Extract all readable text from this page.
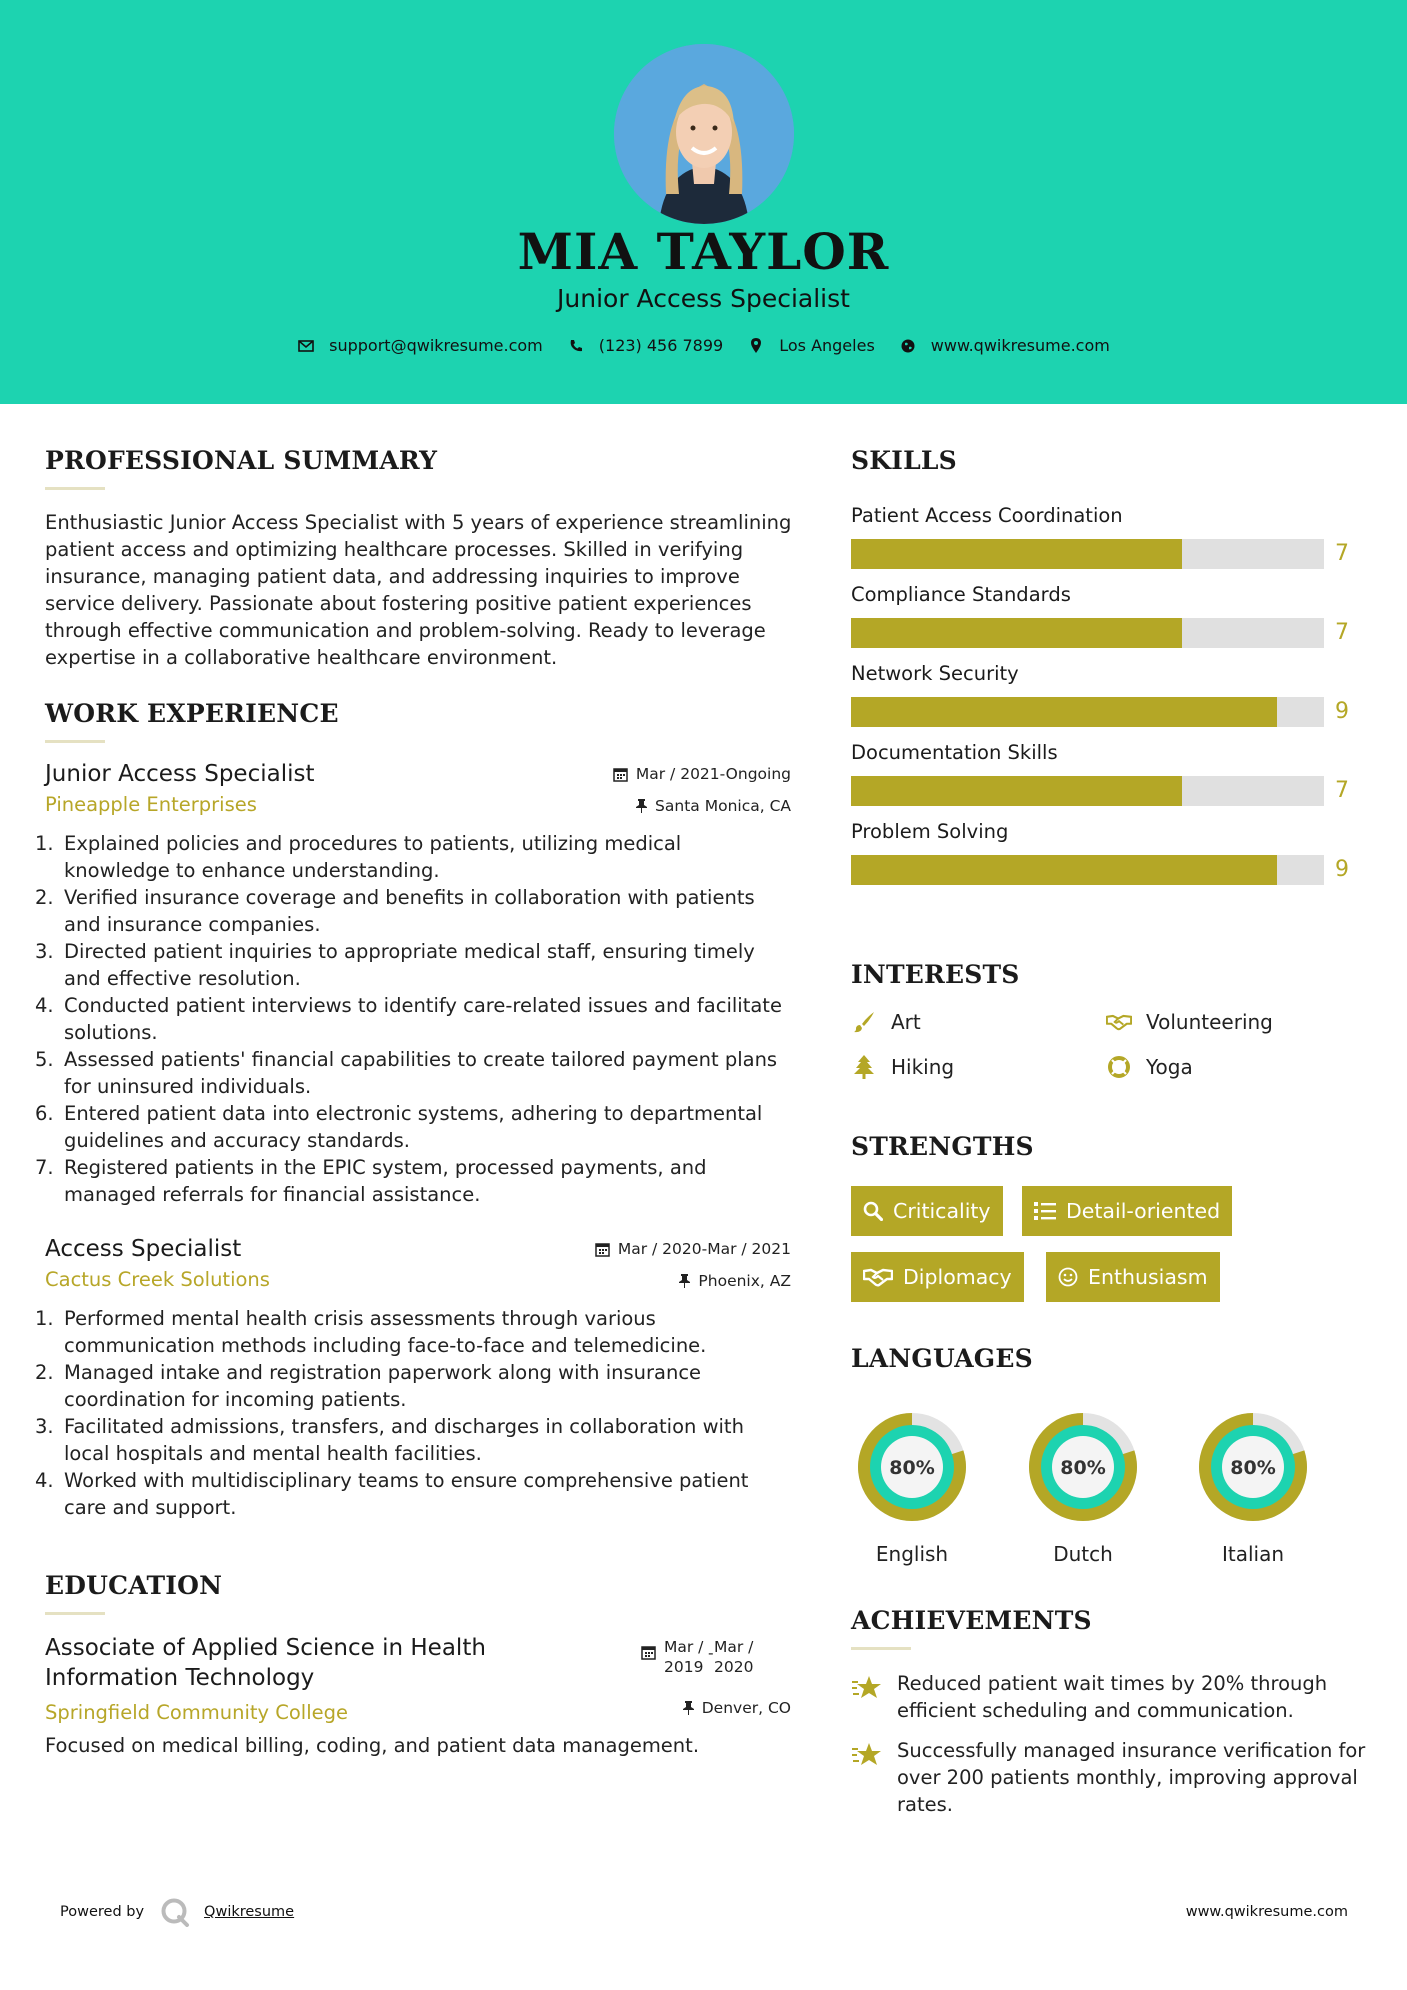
MIA TAYLOR
Junior Access Specialist
support@qwikresume.com	(123) 456 7899	Los Angeles	www.qwikresume.com
PROFESSIONAL SUMMARY
Enthusiastic Junior Access Specialist with 5 years of experience streamlining patient access and optimizing healthcare processes. Skilled in verifying insurance, managing patient data, and addressing inquiries to improve service delivery. Passionate about fostering positive patient experiences through effective communication and problem-solving. Ready to leverage expertise in a collaborative healthcare environment.
WORK EXPERIENCE
Mar / 2021-Ongoing
Santa Monica, CA
Junior Access Specialist
Pineapple Enterprises
Explained policies and procedures to patients, utilizing medical knowledge to enhance understanding.
Verified insurance coverage and benefits in collaboration with patients and insurance companies.
Directed patient inquiries to appropriate medical staff, ensuring timely and effective resolution.
Conducted patient interviews to identify care-related issues and facilitate solutions.
Assessed patients' financial capabilities to create tailored payment plans for uninsured individuals.
Entered patient data into electronic systems, adhering to departmental guidelines and accuracy standards.
Registered patients in the EPIC system, processed payments, and managed referrals for financial assistance.
Mar / 2020-Mar / 2021
Phoenix, AZ
Access Specialist
Cactus Creek Solutions
Performed mental health crisis assessments through various communication methods including face-to-face and telemedicine.
Managed intake and registration paperwork along with insurance coordination for incoming patients.
Facilitated admissions, transfers, and discharges in collaboration with local hospitals and mental health facilities.
Worked with multidisciplinary teams to ensure comprehensive patient care and support.
EDUCATION
Mar /
2019
- Mar /
2020
Denver, CO
Associate of Applied Science in Health
Information Technology
Springfield Community College
Focused on medical billing, coding, and patient data management.
SKILLS
Patient Access Coordination
7
Compliance Standards
7
Network Security
9
Documentation Skills
7
Problem Solving
9
INTERESTS
Art	Volunteering
Hiking	Yoga
STRENGTHS
Criticality	Detail-oriented
Diplomacy	Enthusiasm
LANGUAGES
80%
English
80%
Dutch
80%
Italian
ACHIEVEMENTS
Reduced patient wait times by 20% through efficient scheduling and communication.
Successfully managed insurance verification for over 200 patients monthly, improving approval rates.
Powered by	Qwikresume	www.qwikresume.com
